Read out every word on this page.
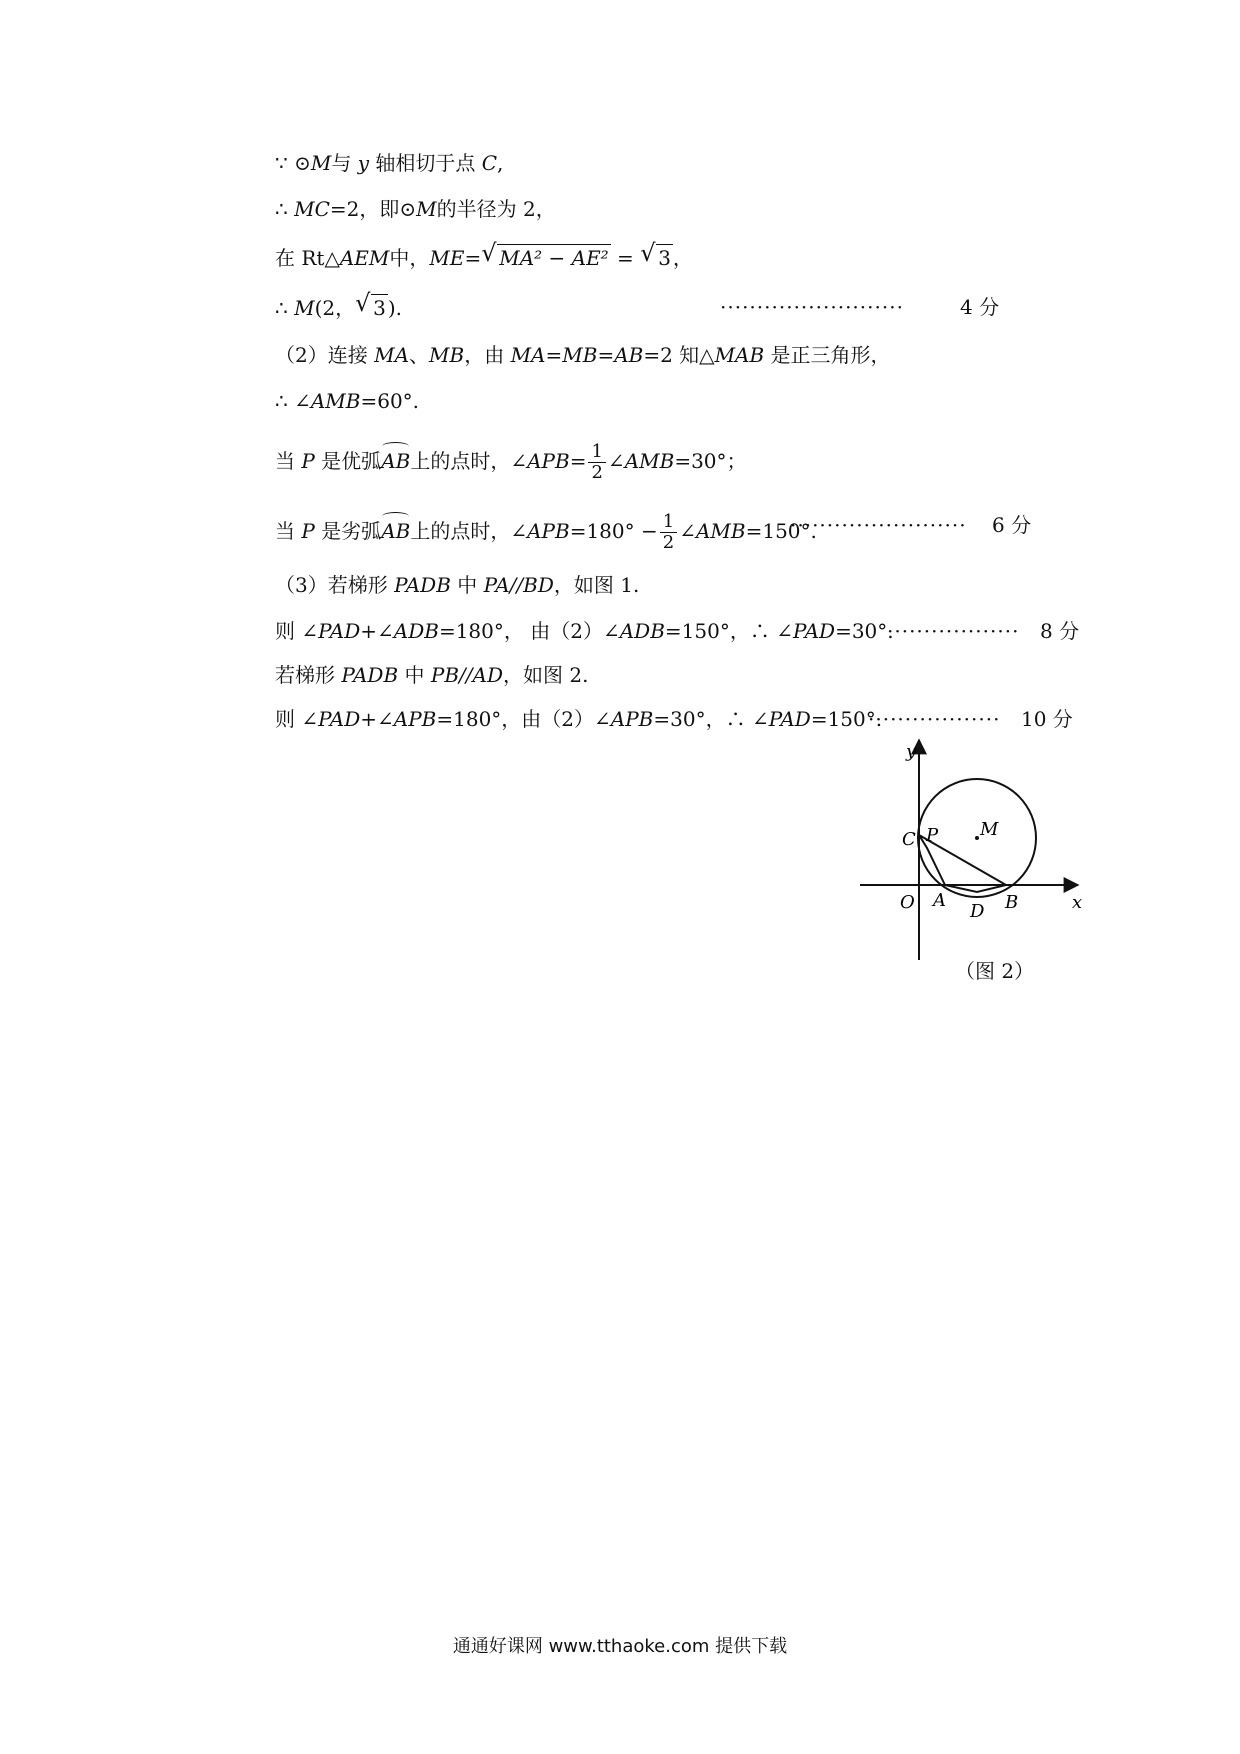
∵ ⊙M与 y 轴相切于点 C,
∴ MC=2，即⊙M的半径为 2，
在 Rt△AEM中，ME= √ MA² − AE² = √ 3 ，
∴ M(2， √ 3 ).	·························	4 分
（2）连接 MA、MB，由 MA=MB=AB=2 知△MAB 是正三角形，
∴ ∠AMB=60°.
当 P 是优弧AB上的点时，∠APB= $\frac{1}{2}$ ∠AMB=30°；
当 P 是劣弧AB上的点时，∠APB=180° − $\frac{1}{2}$ ∠AMB=150°.
························ 6 分
（3）若梯形 PADB 中 PA//BD，如图 1.
则 ∠PAD+∠ADB=180°， 由（2）∠ADB=150°，∴ ∠PAD=30°.
·················· 8 分
若梯形 PADB 中 PB//AD，如图 2.
则 ∠PAD+∠APB=180°，由（2）∠APB=30°，∴ ∠PAD=150°.
·················· 10 分
y
x
C P M
O A	B
D
（图 2）
通通好课网 www.tthaoke.com 提供下载
